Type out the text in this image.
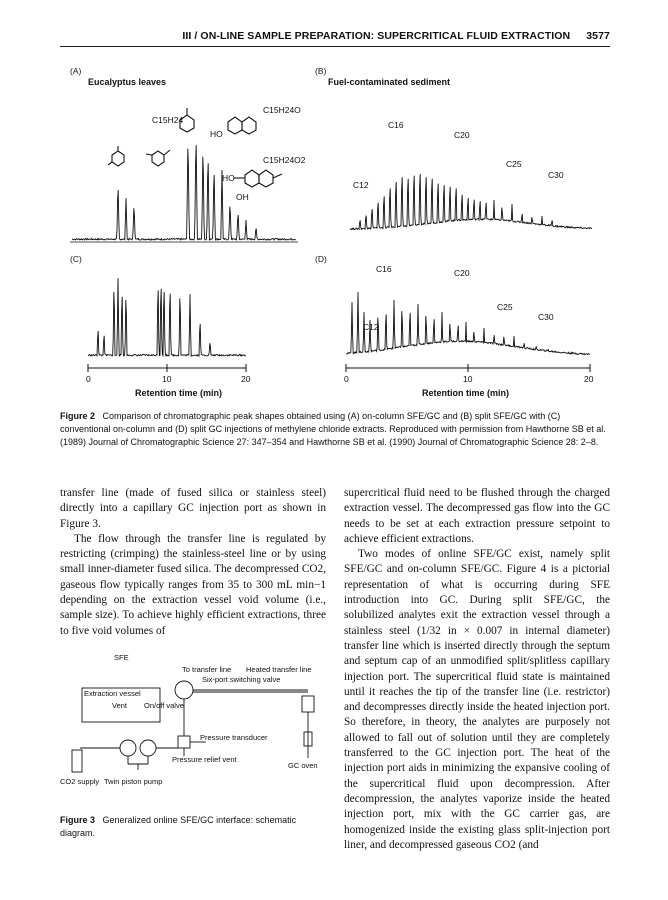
III / ON-LINE SAMPLE PREPARATION: SUPERCRITICAL FLUID EXTRACTION 3577
(A)
Eucalyptus leaves
C15H24
C15H24O
C15H24O2
HO
HO
OH
(B)
Fuel-contaminated sediment
C16
C20
C25
C30
C12
(C)
0	10	20
Retention time (min)
(D)
C16	C20
C25
C30
C12
0	10	20
Retention time (min)
Figure 2 Comparison of chromatographic peak shapes obtained using (A) on-column SFE/GC and (B) split SFE/GC with (C) conventional on-column and (D) split GC injections of methylene chloride extracts. Reproduced with permission from Hawthorne SB et al. (1989) Journal of Chromatographic Science 27: 347–354 and Hawthorne SB et al. (1990) Journal of Chromatographic Science 28: 2–8.

transfer line (made of fused silica or stainless steel) directly into a capillary GC injection port as shown in Figure 3.

The flow through the transfer line is regulated by restricting (crimping) the stainless-steel line or by using small inner-diameter fused silica. The decompressed CO2, gaseous flow typically ranges from 35 to 300 mL min−1 depending on the extraction vessel void volume (i.e., sample size). To achieve highly efficient extractions, three to five void volumes of

supercritical fluid need to be flushed through the charged extraction vessel. The decompressed gas flow into the GC needs to be set at each extraction pressure setpoint to achieve efficient extractions.

Two modes of online SFE/GC exist, namely split SFE/GC and on-column SFE/GC. Figure 4 is a pictorial representation of what is occurring during SFE introduction into GC. During split SFE/GC, the solubilized analytes exit the extraction vessel through a stainless steel (1/32 in × 0.007 in internal diameter) transfer line which is inserted directly through the septum and septum cap of an unmodified split/splitless capillary injection port. The supercritical fluid state is maintained until it reaches the tip of the transfer line (i.e. restrictor) and decompresses directly inside the heated injection port. So therefore, in theory, the analytes are purposely not allowed to fall out of solution until they are completely transferred to the GC injection port. The heat of the injection port aids in minimizing the expansive cooling of the supercritical fluid upon decompression. After decompression, the analytes vaporize inside the heated injection port, mix with the GC carrier gas, are homogenized inside the existing glass split-injection port liner, and decompressed gaseous CO2 (and

SFE
To transfer line Heated transfer line
Six-port switching valve
Extraction vessel
Vent On/off valve
Pressure transducer
Pressure relief vent
CO2 supply Twin piston pump
GC oven
Figure 3 Generalized online SFE/GC interface: schematic diagram.
